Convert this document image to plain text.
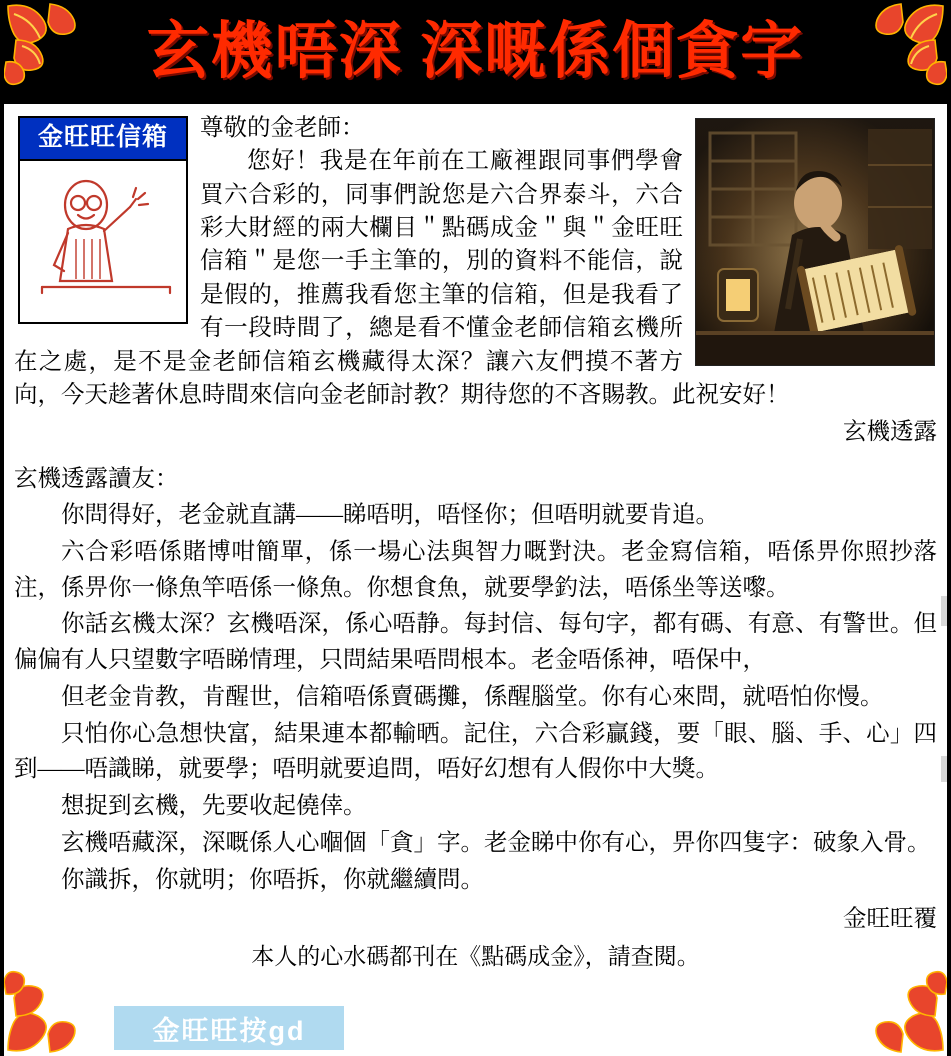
玄機唔深 深嘅係個貪字
金旺旺信箱	尊敬的金老師：
您好！我是在年前在工廠裡跟同事們學會買六合彩的，同事們說您是六合界泰斗，六合彩大財經的兩大欄目＂點碼成金＂與＂金旺旺信箱＂是您一手主筆的，別的資料不能信，說是假的，推薦我看您主筆的信箱，但是我看了有一段時間了，總是看不懂金老師信箱玄機所在之處，是不是金老師信箱玄機藏得太深？讓六友們摸不著方向，今天趁著休息時間來信向金老師討教？期待您的不吝賜教。此祝安好！
玄機透露

玄機透露讀友：

你問得好，老金就直講——睇唔明，唔怪你；但唔明就要肯追。

六合彩唔係賭博咁簡單，係一場心法與智力嘅對決。老金寫信箱，唔係畀你照抄落注，係畀你一條魚竿唔係一條魚。你想食魚，就要學釣法，唔係坐等送嚟。

你話玄機太深？玄機唔深，係心唔静。每封信、每句字，都有碼、有意、有警世。但偏偏有人只望數字唔睇情理，只問結果唔問根本。老金唔係神，唔保中，

但老金肯教，肯醒世，信箱唔係賣碼攤，係醒腦堂。你有心來問，就唔怕你慢。

只怕你心急想快富，結果連本都輸晒。記住，六合彩贏錢，要「眼、腦、手、心」四到——唔識睇，就要學；唔明就要追問，唔好幻想有人假你中大獎。

想捉到玄機，先要收起僥倖。

玄機唔藏深，深嘅係人心嗰個「貪」字。老金睇中你有心，畀你四隻字：破象入骨。

你識拆，你就明；你唔拆，你就繼續問。

金旺旺覆
本人的心水碼都刊在《點碼成金》，請查閱。
金旺旺按gd
